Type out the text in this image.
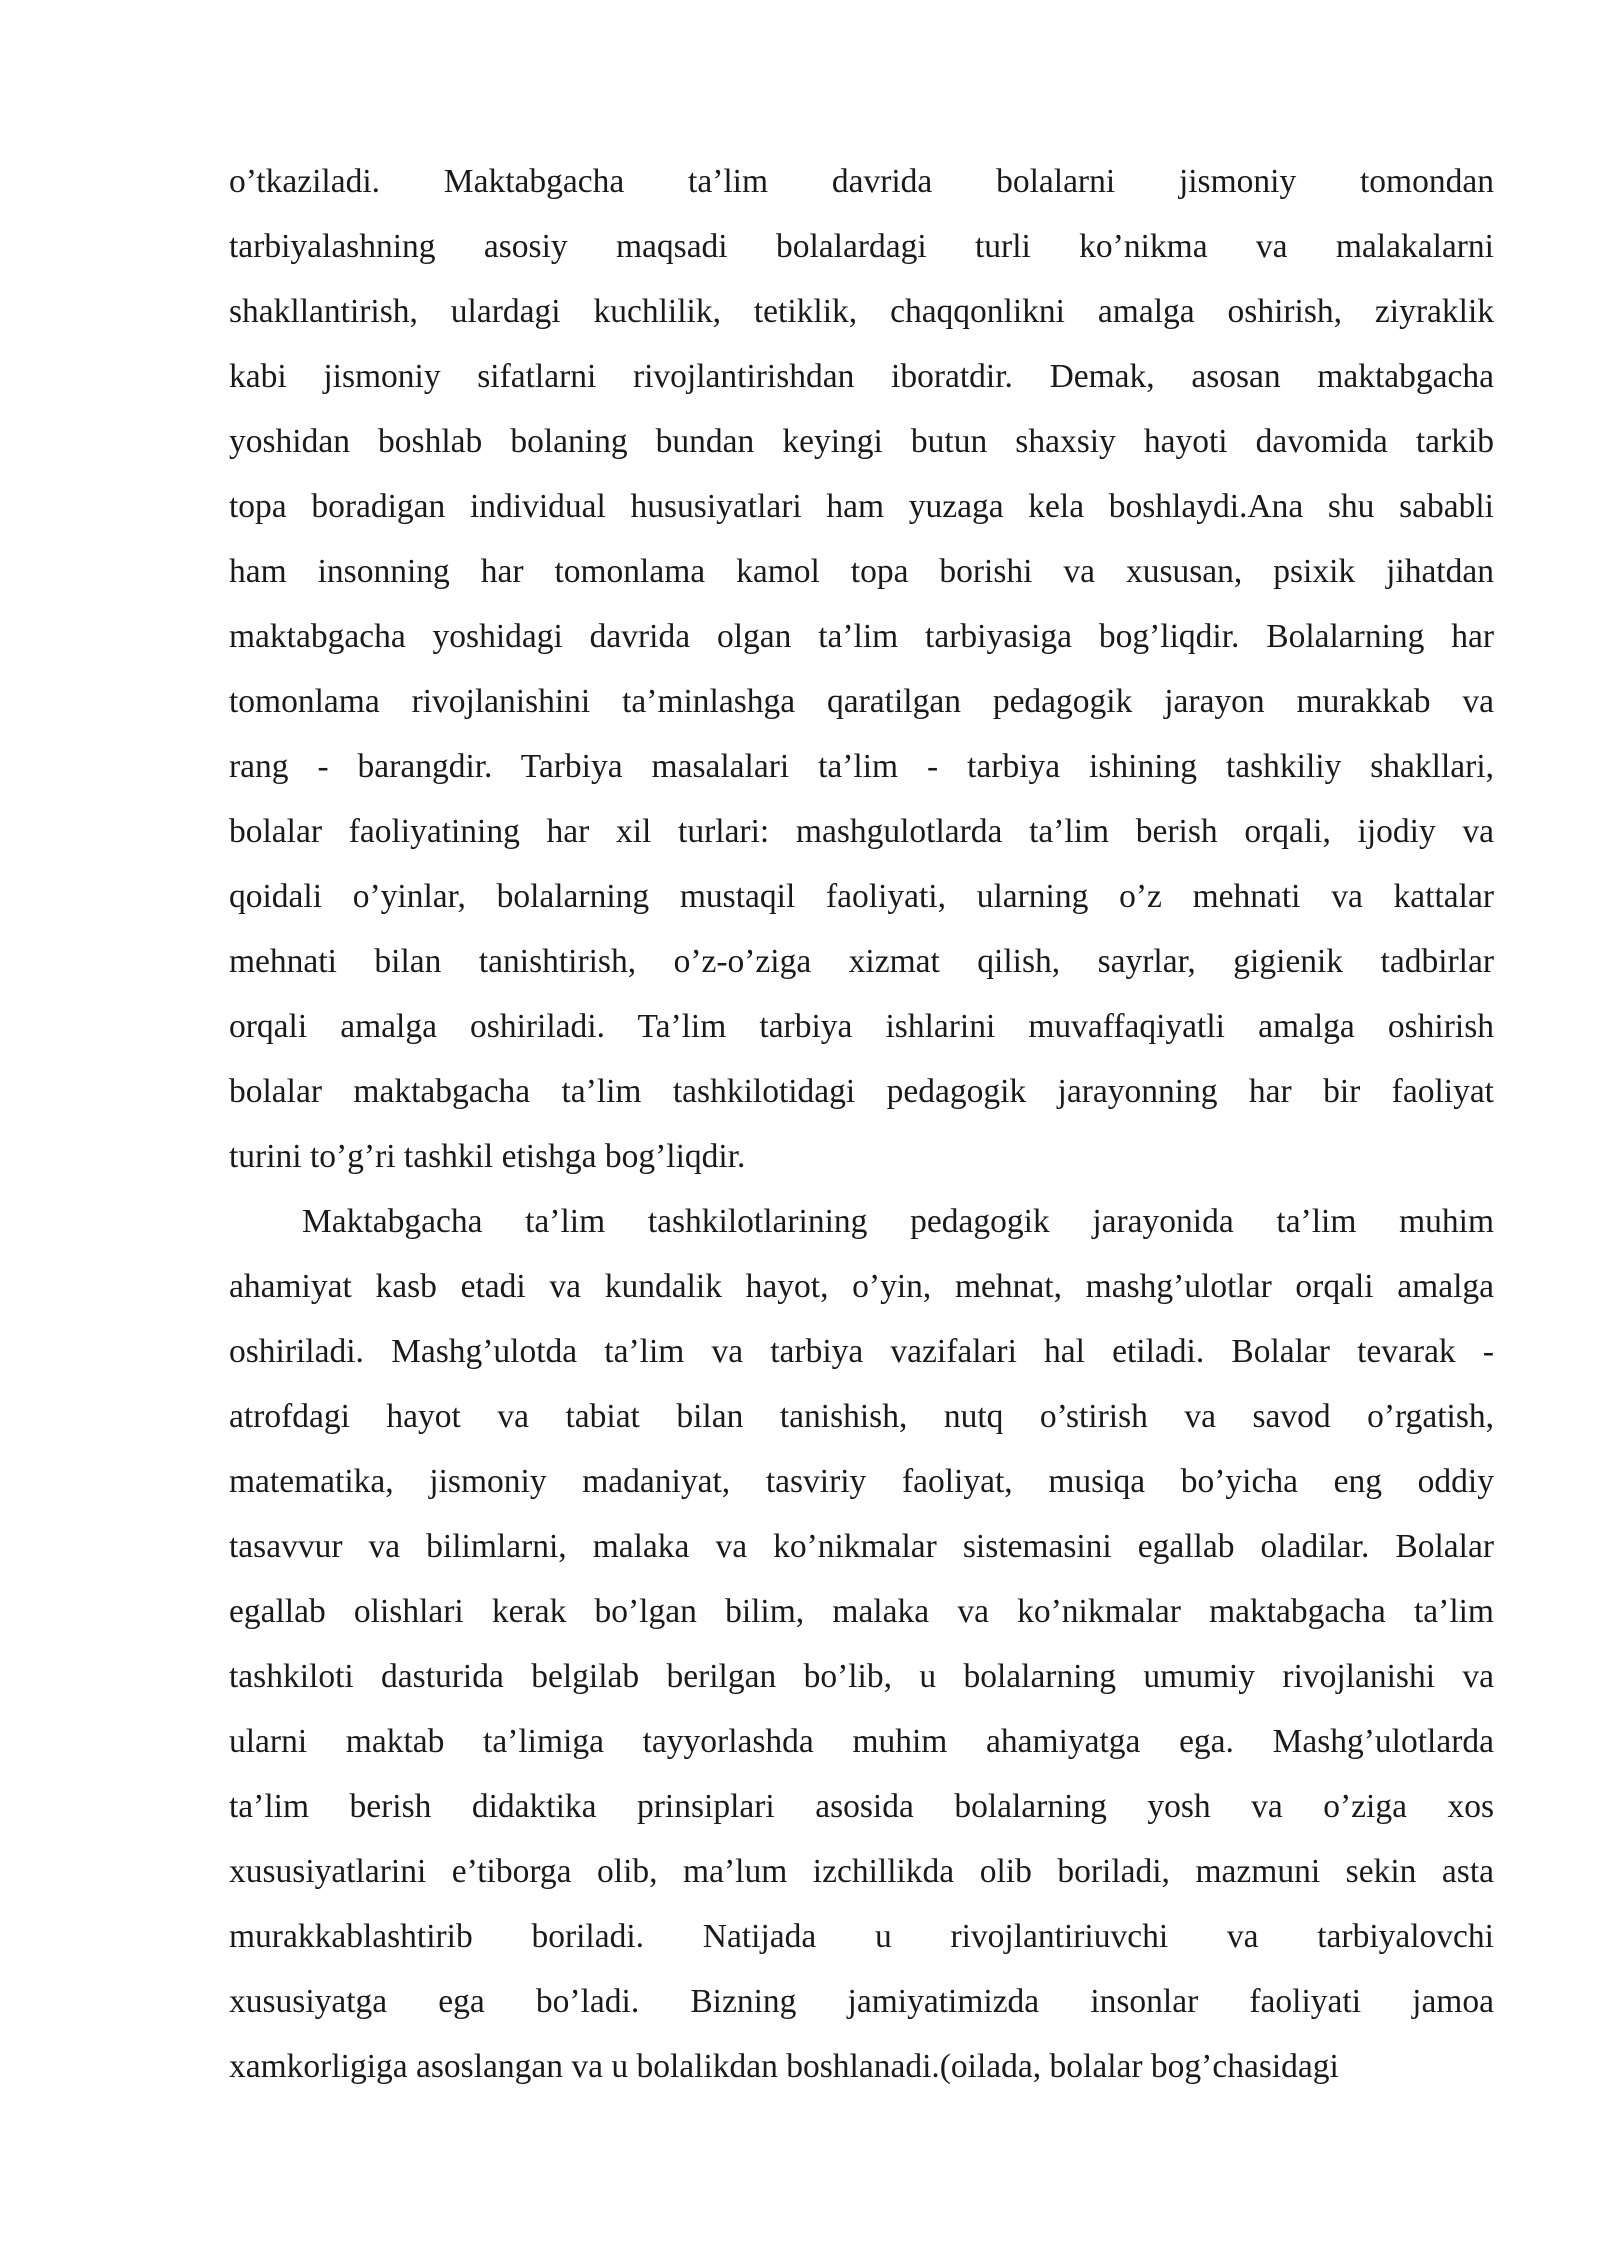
o’tkaziladi. Maktabgacha ta’lim davrida bolalarni jismoniy tomondan
tarbiyalashning asosiy maqsadi bolalardagi turli ko’nikma va malakalarni
shakllantirish, ulardagi kuchlilik, tetiklik, chaqqonlikni amalga oshirish, ziyraklik
kabi jismoniy sifatlarni rivojlantirishdan iboratdir. Demak, asosan maktabgacha
yoshidan boshlab bolaning bundan keyingi butun shaxsiy hayoti davomida tarkib
topa boradigan individual hususiyatlari ham yuzaga kela boshlaydi.Ana shu sababli
ham insonning har tomonlama kamol topa borishi va xususan, psixik jihatdan
maktabgacha yoshidagi davrida olgan ta’lim tarbiyasiga bog’liqdir. Bolalarning har
tomonlama rivojlanishini ta’minlashga qaratilgan pedagogik jarayon murakkab va
rang - barangdir. Tarbiya masalalari ta’lim - tarbiya ishining tashkiliy shakllari,
bolalar faoliyatining har xil turlari: mashgulotlarda ta’lim berish orqali, ijodiy va
qoidali o’yinlar, bolalarning mustaqil faoliyati, ularning o’z mehnati va kattalar
mehnati bilan tanishtirish, o’z-o’ziga xizmat qilish, sayrlar, gigienik tadbirlar
orqali amalga oshiriladi. Ta’lim tarbiya ishlarini muvaffaqiyatli amalga oshirish
bolalar maktabgacha ta’lim tashkilotidagi pedagogik jarayonning har bir faoliyat
turini to’g’ri tashkil etishga bog’liqdir.

Maktabgacha ta’lim tashkilotlarining pedagogik jarayonida ta’lim muhim
ahamiyat kasb etadi va kundalik hayot, o’yin, mehnat, mashg’ulotlar orqali amalga
oshiriladi. Mashg’ulotda ta’lim va tarbiya vazifalari hal etiladi. Bolalar tevarak -
atrofdagi hayot va tabiat bilan tanishish, nutq o’stirish va savod o’rgatish,
matematika, jismoniy madaniyat, tasviriy faoliyat, musiqa bo’yicha eng oddiy
tasavvur va bilimlarni, malaka va ko’nikmalar sistemasini egallab oladilar. Bolalar
egallab olishlari kerak bo’lgan bilim, malaka va ko’nikmalar maktabgacha ta’lim
tashkiloti dasturida belgilab berilgan bo’lib, u bolalarning umumiy rivojlanishi va
ularni maktab ta’limiga tayyorlashda muhim ahamiyatga ega. Mashg’ulotlarda
ta’lim berish didaktika prinsiplari asosida bolalarning yosh va o’ziga xos
xususiyatlarini e’tiborga olib, ma’lum izchillikda olib boriladi, mazmuni sekin asta
murakkablashtirib boriladi. Natijada u rivojlantiriuvchi va tarbiyalovchi
xususiyatga ega bo’ladi. Bizning jamiyatimizda insonlar faoliyati jamoa
xamkorligiga asoslangan va u bolalikdan boshlanadi.(oilada, bolalar bog’chasidagi
